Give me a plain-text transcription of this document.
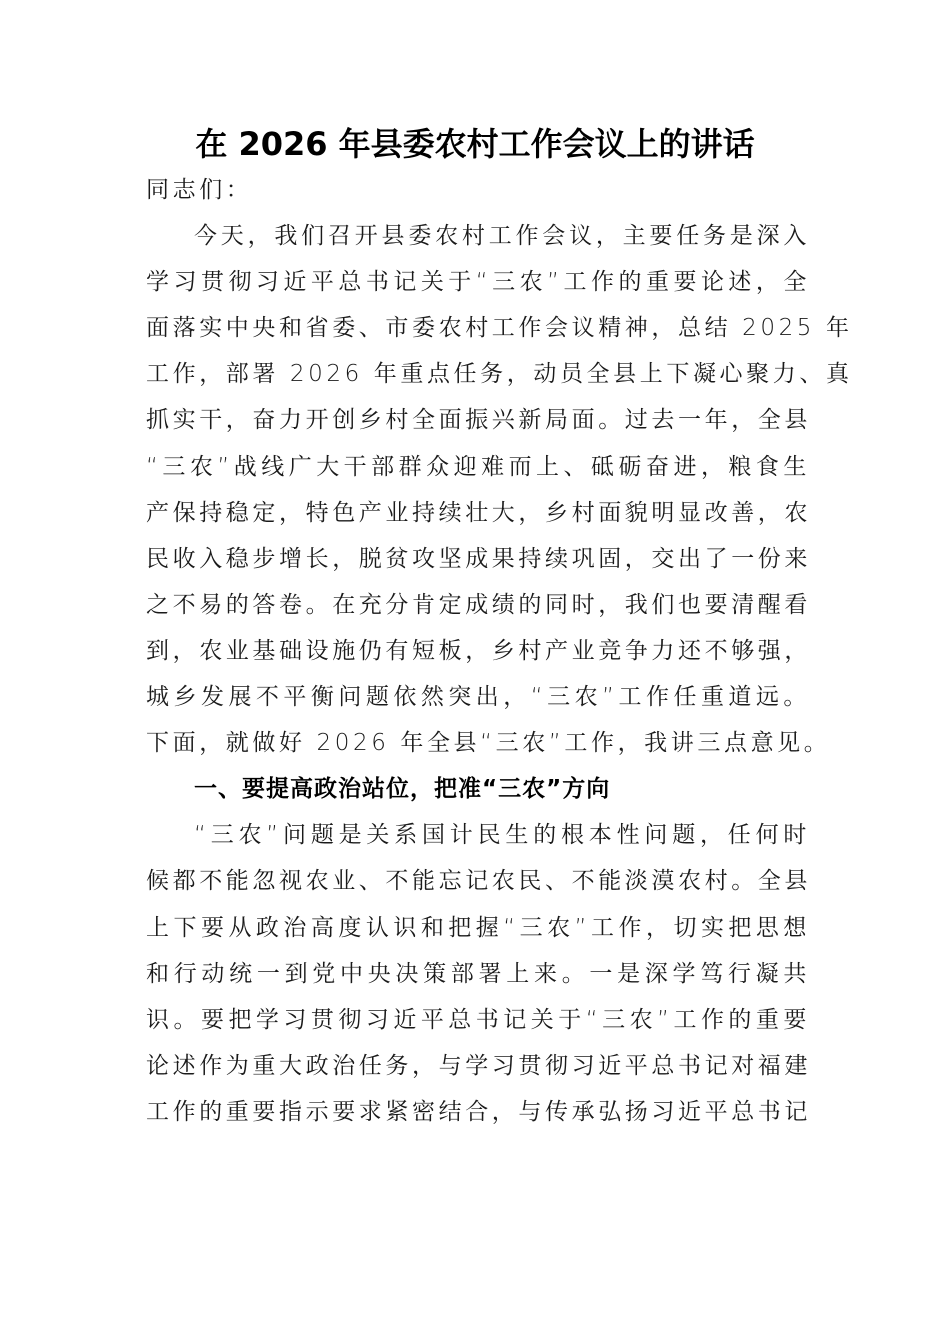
在 2026 年县委农村工作会议上的讲话
同志们：
今天，我们召开县委农村工作会议，主要任务是深入
学习贯彻习近平总书记关于“三农”工作的重要论述，全
面落实中央和省委、市委农村工作会议精神，总结 2025 年
工作，部署 2026 年重点任务，动员全县上下凝心聚力、真
抓实干，奋力开创乡村全面振兴新局面。过去一年，全县
“三农”战线广大干部群众迎难而上、砥砺奋进，粮食生
产保持稳定，特色产业持续壮大，乡村面貌明显改善，农
民收入稳步增长，脱贫攻坚成果持续巩固，交出了一份来
之不易的答卷。在充分肯定成绩的同时，我们也要清醒看
到，农业基础设施仍有短板，乡村产业竞争力还不够强，
城乡发展不平衡问题依然突出，“三农”工作任重道远。
下面，就做好 2026 年全县“三农”工作，我讲三点意见。
一、要提高政治站位，把准“三农”方向
“三农”问题是关系国计民生的根本性问题，任何时
候都不能忽视农业、不能忘记农民、不能淡漠农村。全县
上下要从政治高度认识和把握“三农”工作，切实把思想
和行动统一到党中央决策部署上来。一是深学笃行凝共
识。要把学习贯彻习近平总书记关于“三农”工作的重要
论述作为重大政治任务，与学习贯彻习近平总书记对福建
工作的重要指示要求紧密结合，与传承弘扬习近平总书记
